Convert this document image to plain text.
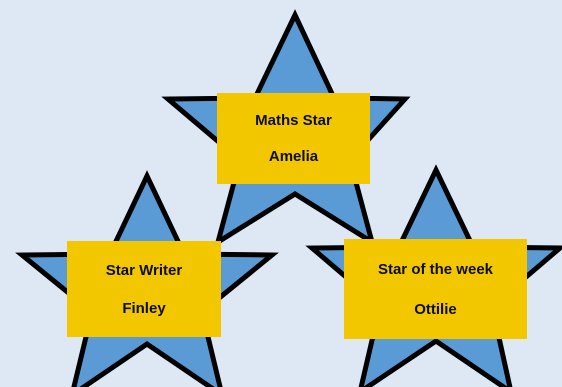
Maths Star
Amelia
Star Writer
Finley
Star of the week
Ottilie
